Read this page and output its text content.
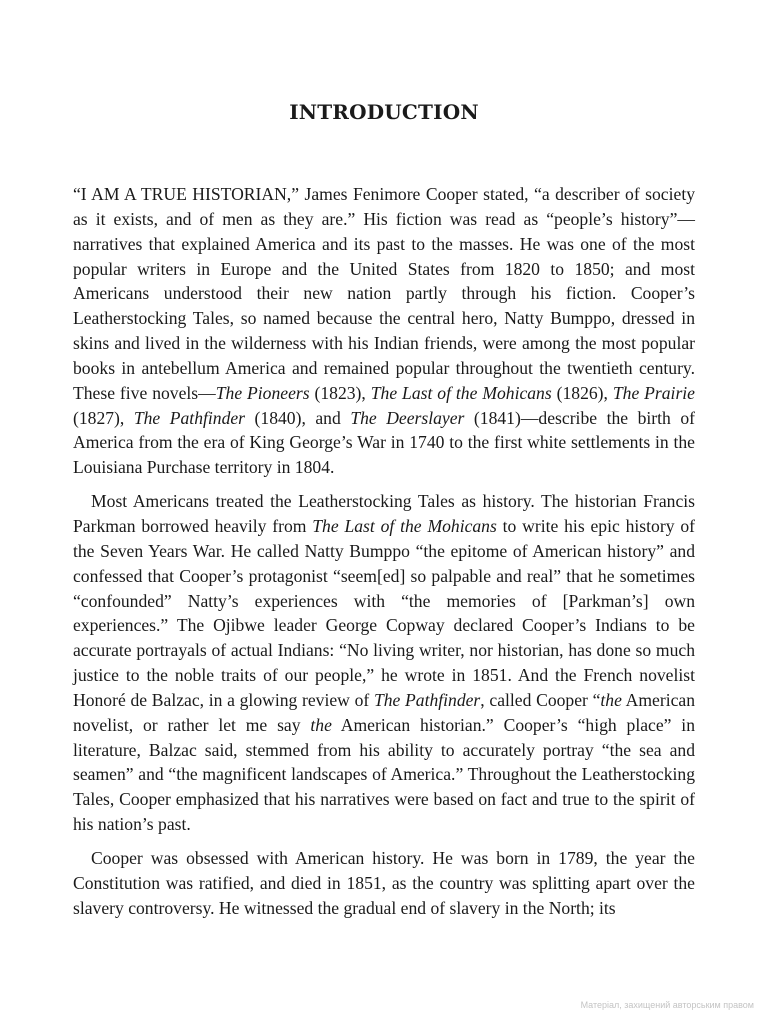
INTRODUCTION

“I AM A TRUE HISTORIAN,” James Fenimore Cooper stated, “a describer of society as it exists, and of men as they are.” His fiction was read as “people’s history”—narratives that explained America and its past to the masses. He was one of the most popular writers in Europe and the United States from 1820 to 1850; and most Americans understood their new nation partly through his fiction. Cooper’s Leatherstocking Tales, so named because the central hero, Natty Bumppo, dressed in skins and lived in the wilderness with his Indian friends, were among the most popular books in antebellum America and remained popular throughout the twentieth century. These five novels—The Pioneers (1823), The Last of the Mohicans (1826), The Prairie (1827), The Pathfinder (1840), and The Deerslayer (1841)—describe the birth of America from the era of King George’s War in 1740 to the first white settlements in the Louisiana Purchase territory in 1804.

Most Americans treated the Leatherstocking Tales as history. The historian Francis Parkman borrowed heavily from The Last of the Mohicans to write his epic history of the Seven Years War. He called Natty Bumppo “the epitome of American history” and confessed that Cooper’s protagonist “seem[ed] so palpable and real” that he sometimes “confounded” Natty’s experiences with “the memories of [Parkman’s] own experiences.” The Ojibwe leader George Copway declared Cooper’s Indians to be accurate portrayals of actual Indians: “No living writer, nor historian, has done so much justice to the noble traits of our people,” he wrote in 1851. And the French novelist Honoré de Balzac, in a glowing review of The Pathfinder, called Cooper “the American novelist, or rather let me say the American historian.” Cooper’s “high place” in literature, Balzac said, stemmed from his ability to accurately portray “the sea and seamen” and “the magnificent landscapes of America.” Throughout the Leatherstocking Tales, Cooper emphasized that his narratives were based on fact and true to the spirit of his nation’s past.

Cooper was obsessed with American history. He was born in 1789, the year the Constitution was ratified, and died in 1851, as the country was splitting apart over the slavery controversy. He witnessed the gradual end of slavery in the North; its

Матеріал, захищений авторським правом
